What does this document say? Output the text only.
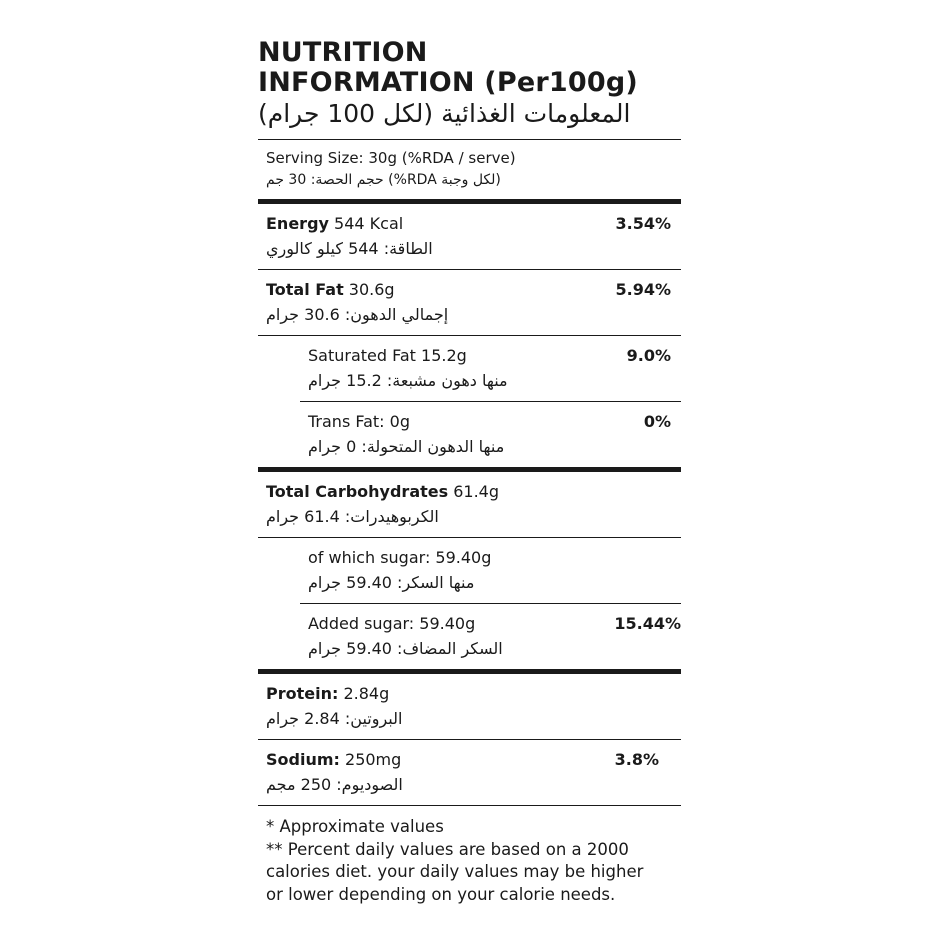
NUTRITION
INFORMATION (Per100g)
المعلومات الغذائية (لكل 100 جرام)
Serving Size: 30g (%RDA / serve)
(لكل وجبة RDA%) حجم الحصة: 30 جم
Energy 544 Kcal
الطاقة: 544 كيلو كالوري
3.54%
Total Fat 30.6g
إجمالي الدهون: 30.6 جرام
5.94%
Saturated Fat 15.2g
منها دهون مشبعة: 15.2 جرام
9.0%
Trans Fat: 0g
منها الدهون المتحولة: 0 جرام
0%
Total Carbohydrates 61.4g
الكربوهيدرات: 61.4 جرام
of which sugar: 59.40g
منها السكر: 59.40 جرام
Added sugar: 59.40g
السكر المضاف: 59.40 جرام
15.44%
Protein: 2.84g
البروتين: 2.84 جرام
Sodium: 250mg
الصوديوم: 250 مجم
3.8%
* Approximate values
** Percent daily values are based on a 2000
calories diet. your daily values may be higher
or lower depending on your calorie needs.
